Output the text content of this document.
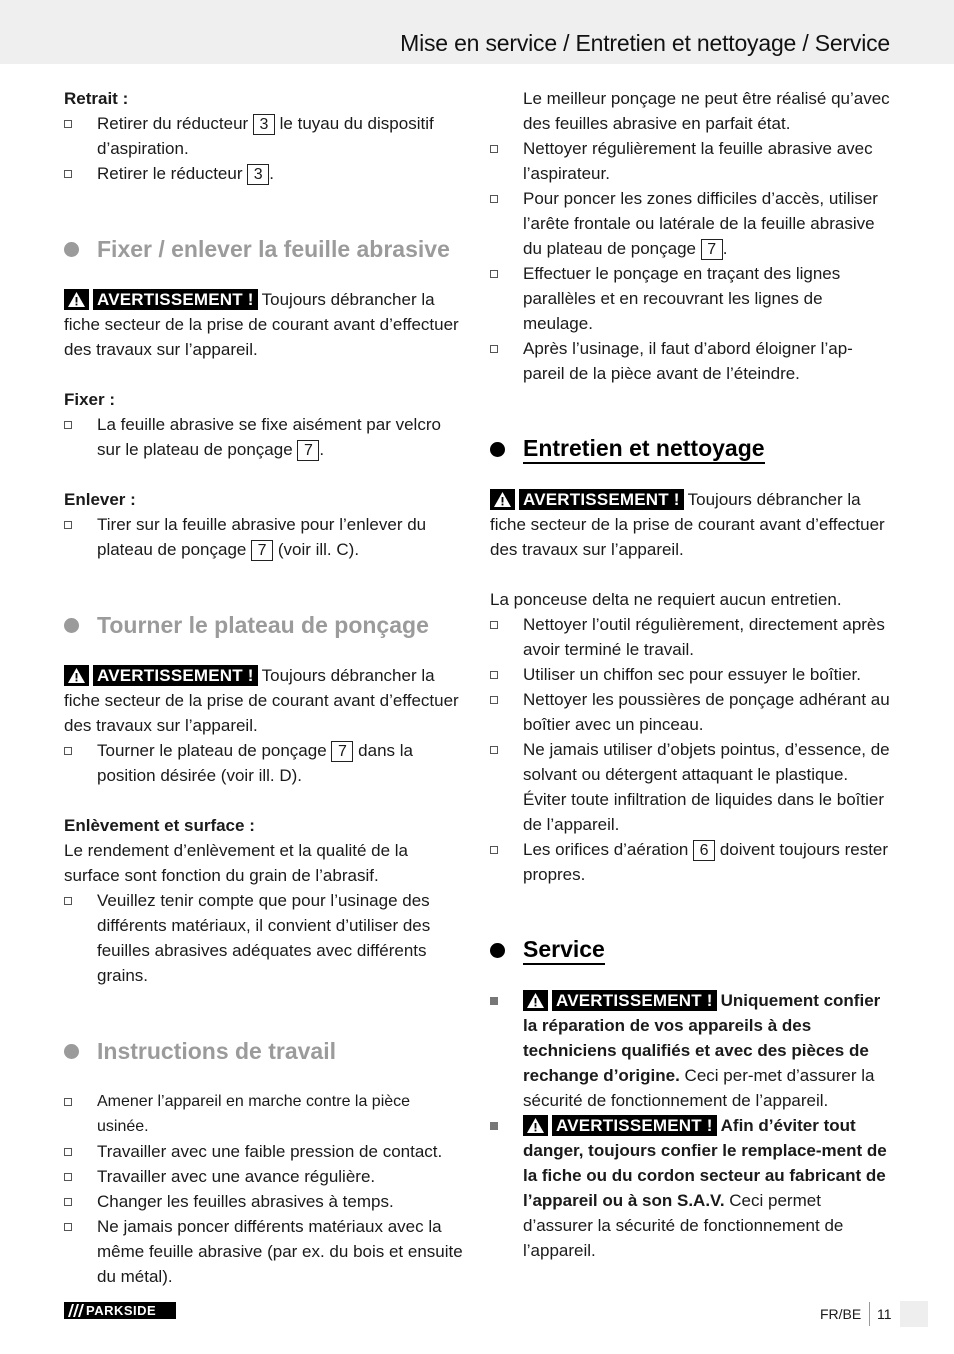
Mise en service / Entretien et nettoyage / Service

Retrait :

Retirer du réducteur 3 le tuyau du dispositif d’aspiration.
Retirer le réducteur 3 .
Fixer / enlever la feuille abrasive

AVERTISSEMENT ! Toujours débrancher la fiche secteur de la prise de courant avant d’effectuer des travaux sur l’appareil.

Fixer :

La feuille abrasive se fixe aisément par velcro sur le plateau de ponçage 7 .

Enlever :

Tirer sur la feuille abrasive pour l’enlever du plateau de ponçage 7 (voir ill. C).
Tourner le plateau de ponçage

AVERTISSEMENT ! Toujours débrancher la fiche secteur de la prise de courant avant d’effectuer des travaux sur l’appareil.

Tourner le plateau de ponçage 7 dans la position désirée (voir ill. D).

Enlèvement et surface :

Le rendement d’enlèvement et la qualité de la surface sont fonction du grain de l’abrasif.

Veuillez tenir compte que pour l’usinage des différents matériaux, il convient d’utiliser des feuilles abrasives adéquates avec différents grains.
Instructions de travail
Amener l’appareil en marche contre la pièce usinée.
Travailler avec une faible pression de contact.
Travailler avec une avance régulière.
Changer les feuilles abrasives à temps.
Ne jamais poncer différents matériaux avec la même feuille abrasive (par ex. du bois et ensuite du métal).

Le meilleur ponçage ne peut être réalisé qu’avec des feuilles abrasive en parfait état.

Nettoyer régulièrement la feuille abrasive avec l’aspirateur.
Pour poncer les zones difficiles d’accès, utiliser l’arête frontale ou latérale de la feuille abrasive du plateau de ponçage 7 .
Effectuer le ponçage en traçant des lignes parallèles et en recouvrant les lignes de meulage.
Après l’usinage, il faut d’abord éloigner l’ap-pareil de la pièce avant de l’éteindre.
Entretien et nettoyage

AVERTISSEMENT ! Toujours débrancher la fiche secteur de la prise de courant avant d’effectuer des travaux sur l’appareil.

La ponceuse delta ne requiert aucun entretien.

Nettoyer l’outil régulièrement, directement après avoir terminé le travail.
Utiliser un chiffon sec pour essuyer le boîtier.
Nettoyer les poussières de ponçage adhérant au boîtier avec un pinceau.
Ne jamais utiliser d’objets pointus, d’essence, de solvant ou détergent attaquant le plastique. Éviter toute infiltration de liquides dans le boîtier de l’appareil.
Les orifices d’aération 6 doivent toujours rester propres.
Service
AVERTISSEMENT ! Uniquement confier la réparation de vos appareils à des techniciens qualifiés et avec des pièces de rechange d’origine. Ceci per-met d’assurer la sécurité de fonctionnement de l’appareil.
AVERTISSEMENT ! Afin d’éviter tout danger, toujours confier le remplace-ment de la fiche ou du cordon secteur au fabricant de l’appareil ou à son S.A.V. Ceci permet d’assurer la sécurité de fonctionnement de l’appareil.
PARKSIDE	FR/BE 11
